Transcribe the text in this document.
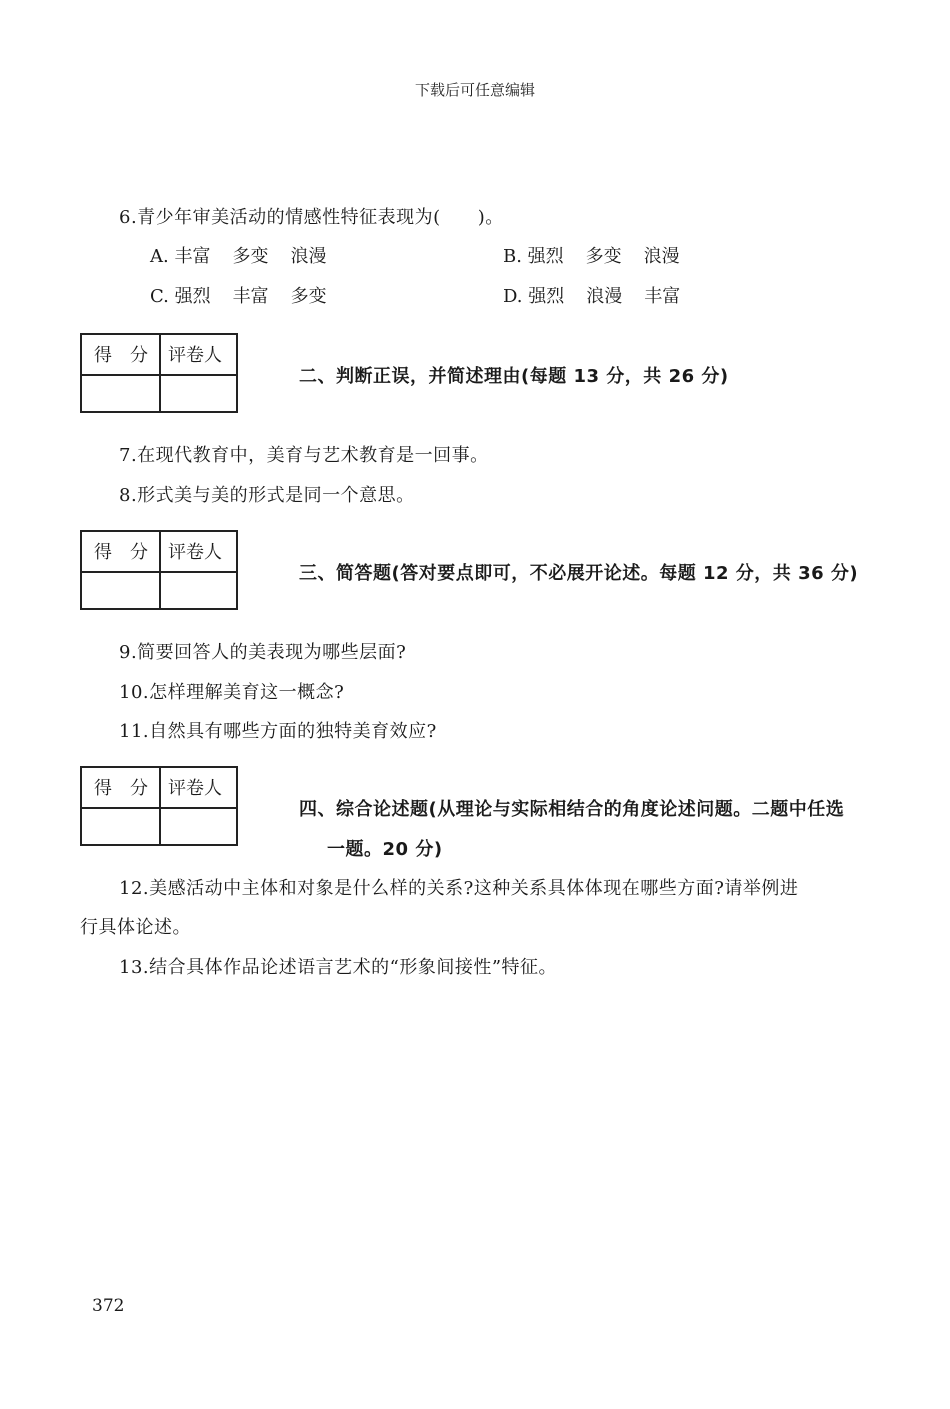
下载后可任意编辑
6.青少年审美活动的情感性特征表现为(　　)。
A. 丰富 多变 浪漫	B. 强烈 多变 浪漫
C. 强烈 丰富 多变	D. 强烈 浪漫 丰富
得分 评卷人
二、判断正误，并简述理由(每题 13 分，共 26 分)
7.在现代教育中，美育与艺术教育是一回事。
8.形式美与美的形式是同一个意思。
得分 评卷人
三、简答题(答对要点即可，不必展开论述。每题 12 分，共 36 分)
9.简要回答人的美表现为哪些层面?
10.怎样理解美育这一概念?
11.自然具有哪些方面的独特美育效应?
得分 评卷人
四、综合论述题(从理论与实际相结合的角度论述问题。二题中任选
一题。20 分)
12.美感活动中主体和对象是什么样的关系?这种关系具体体现在哪些方面?请举例进
行具体论述。
13.结合具体作品论述语言艺术的“形象间接性”特征。
372
